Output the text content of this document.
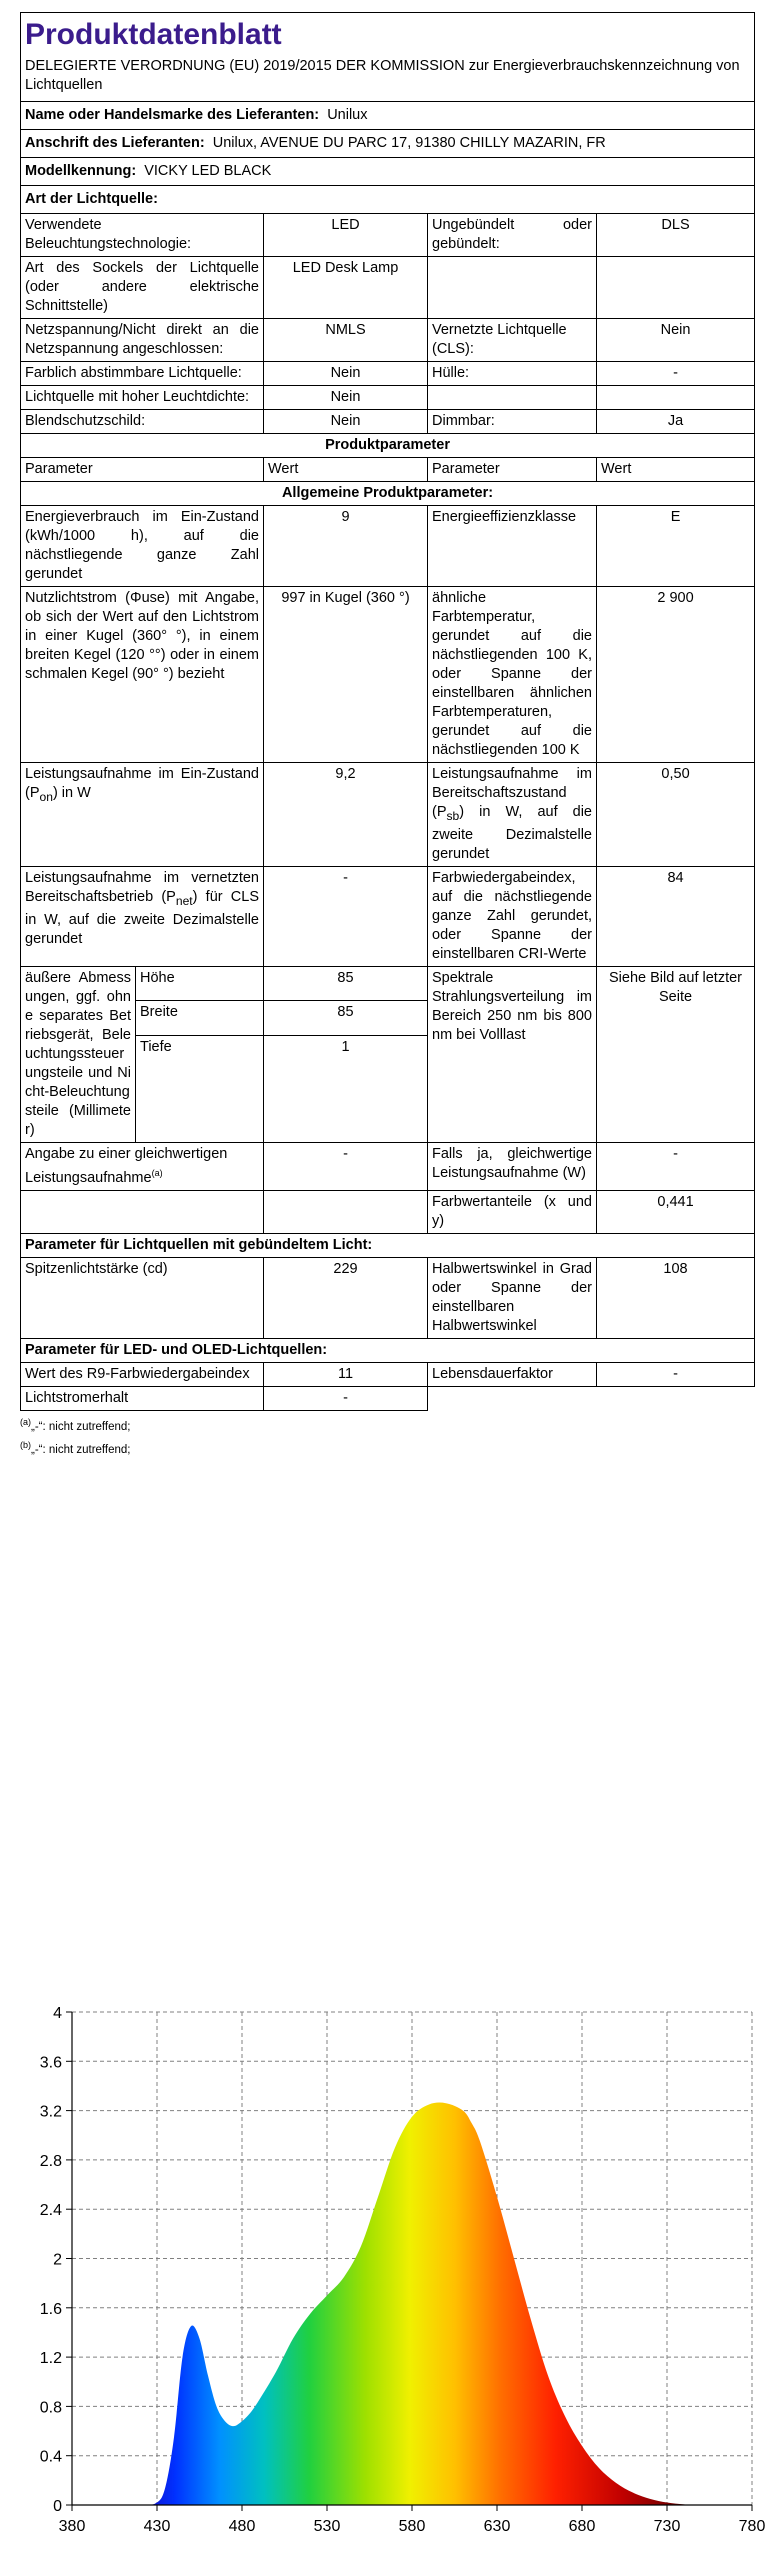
Produktdatenblatt
DELEGIERTE VERORDNUNG (EU) 2019/2015 DER KOMMISSION zur Energieverbrauchskennzeichnung von Lichtquellen				

Name oder Handelsmarke des Lieferanten: Unilux				
Anschrift des Lieferanten: Unilux, AVENUE DU PARC 17, 91380 CHILLY MAZARIN, FR				
Modellkennung: VICKY LED BLACK				
Art der Lichtquelle:				
Verwendete Beleuchtungstechnologie:		LED	Ungebündelt oder gebündelt:	DLS
Art des Sockels der Lichtquelle (oder andere elektrische Schnittstelle)		LED Desk Lamp		
Netzspannung/Nicht direkt an die Netzspannung angeschlossen:		NMLS	Vernetzte Lichtquelle (CLS):	Nein
Farblich abstimmbare Lichtquelle:		Nein	Hülle:	-
Lichtquelle mit hoher Leuchtdichte:		Nein		
Blendschutzschild:		Nein	Dimmbar:	Ja
Produktparameter				
Parameter		Wert	Parameter	Wert
Allgemeine Produktparameter:				
Energieverbrauch im Ein-Zustand (kWh/1000 h), auf die nächstliegende ganze Zahl gerundet		9	Energieeffizienzklasse	E
Nutzlichtstrom (Φuse) mit Angabe, ob sich der Wert auf den Lichtstrom in einer Kugel (360° °), in einem breiten Kegel (120 °°) oder in einem schmalen Kegel (90° °) bezieht		997 in Kugel (360 °)	ähnliche Farbtemperatur, gerundet auf die nächstliegenden 100 K, oder Spanne der einstellbaren ähnlichen Farbtemperaturen, gerundet auf die nächstliegenden 100 K	2 900
Leistungsaufnahme im Ein-Zustand $(P_{on})$ in W		9,2	Leistungsaufnahme im Bereitschaftszustand $(P_{sb})$ in W, auf die zweite Dezimalstelle gerundet	0,50
Leistungsaufnahme im vernetzten Bereitschaftsbetrieb $(P_{net})$ für CLS in W, auf die zweite Dezimalstelle gerundet		-	Farbwiedergabeindex, auf die nächstliegende ganze Zahl gerundet, oder Spanne der einstellbaren CRI-Werte	84
äußere Abmessungen, ggf. ohne separates Betriebsgerät, Beleuchtungssteuerungsteile und Nicht-Beleuchtungsteile (Millimeter)	Höhe	85	Spektrale Strahlungsverteilung im Bereich 250 nm bis 800 nm bei Volllast	Siehe Bild auf letzter Seite
	Breite	85		
	Tiefe	1		
Angabe zu einer gleichwertigen Leistungsaufnahme$^{(a)}$		-	Falls ja, gleichwertige Leistungsaufnahme (W)	-
			Farbwertanteile (x und y)	0,441
Parameter für Lichtquellen mit gebündeltem Licht:				
Spitzenlichtstärke (cd)		229	Halbwertswinkel in Grad oder Spanne der einstellbaren Halbwertswinkel	108
Parameter für LED- und OLED-Lichtquellen:				
Wert des R9-Farbwiedergabeindex		11	Lebensdauerfaktor	-
Lichtstromerhalt		-		
$^{(a)}$„-“: nicht zutreffend;
$^{(b)}$„-“: nicht zutreffend;
0
0.4
0.8
1.2
1.6
2
2.4
2.8
3.2
3.6
4
380	430	480	530	580	630	680	730	780
